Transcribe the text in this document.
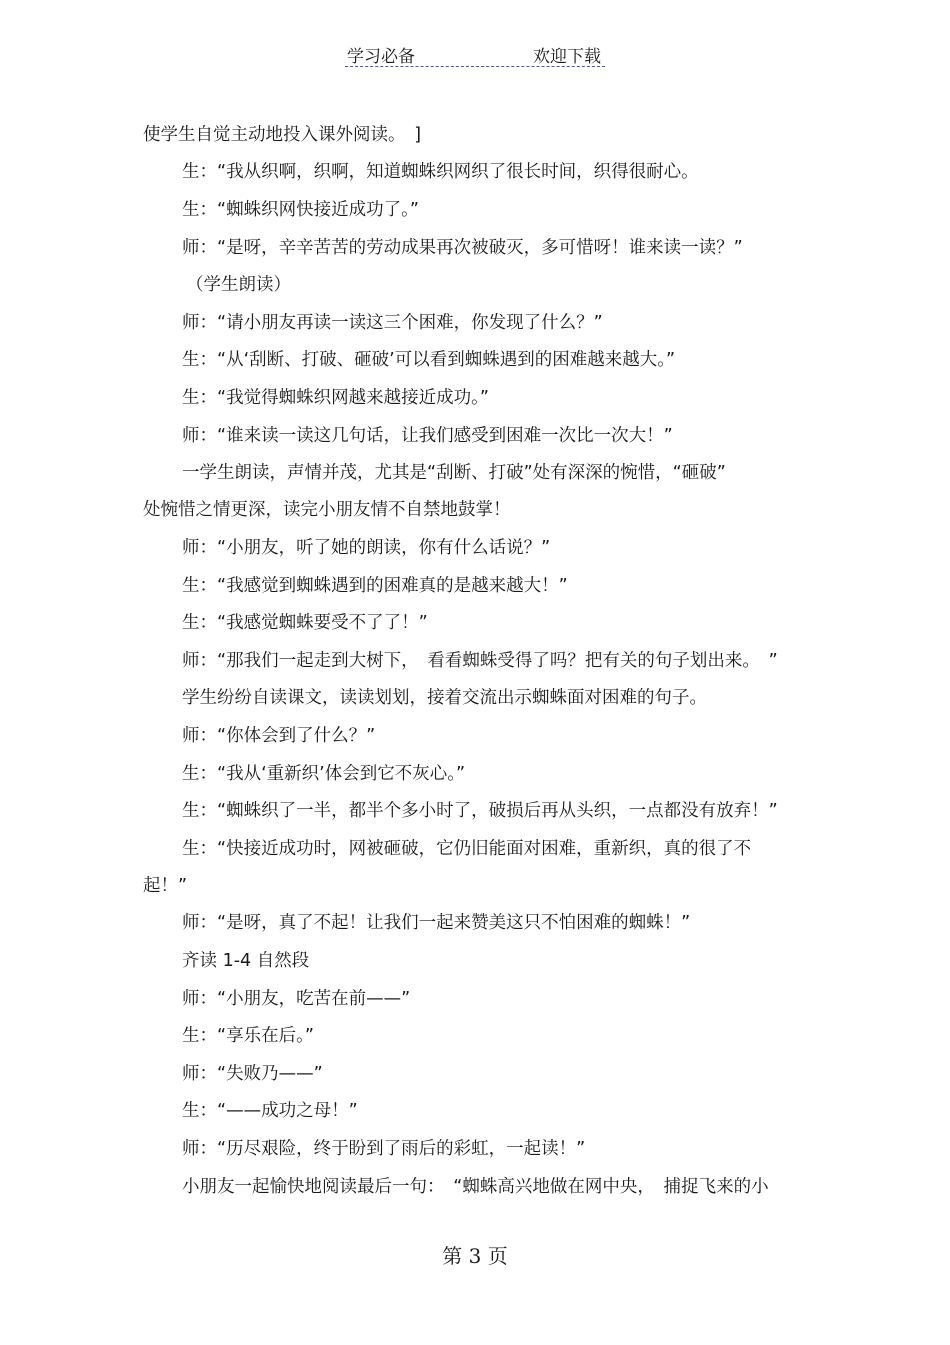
学习必备	欢迎下载
使学生自觉主动地投入课外阅读。　]
生：“我从织啊，织啊，知道蜘蛛织网织了很长时间，织得很耐心。
生：“蜘蛛织网快接近成功了。”
师：“是呀，辛辛苦苦的劳动成果再次被破灭，多可惜呀！谁来读一读？”
（学生朗读）
师：“请小朋友再读一读这三个困难，你发现了什么？”
生：“从‘刮断、打破、砸破’可以看到蜘蛛遇到的困难越来越大。”
生：“我觉得蜘蛛织网越来越接近成功。”
师：“谁来读一读这几句话，让我们感受到困难一次比一次大！”
一学生朗读，声情并茂，尤其是“刮断、打破”处有深深的惋惜，“砸破”
处惋惜之情更深，读完小朋友情不自禁地鼓掌！
师：“小朋友，听了她的朗读，你有什么话说？”
生：“我感觉到蜘蛛遇到的困难真的是越来越大！”
生：“我感觉蜘蛛要受不了了！”
师：“那我们一起走到大树下，　看看蜘蛛受得了吗？把有关的句子划出来。　”
学生纷纷自读课文，读读划划，接着交流出示蜘蛛面对困难的句子。
师：“你体会到了什么？”
生：“我从‘重新织’体会到它不灰心。”
生：“蜘蛛织了一半，都半个多小时了，破损后再从头织，一点都没有放弃！”
生：“快接近成功时，网被砸破，它仍旧能面对困难，重新织，真的很了不
起！”
师：“是呀，真了不起！让我们一起来赞美这只不怕困难的蜘蛛！”
齐读 1-4 自然段
师：“小朋友，吃苦在前——”
生：“享乐在后。”
师：“失败乃——”
生：“——成功之母！”
师：“历尽艰险，终于盼到了雨后的彩虹，一起读！”
小朋友一起愉快地阅读最后一句：　“蜘蛛高兴地做在网中央，　捕捉飞来的小
第 3 页
